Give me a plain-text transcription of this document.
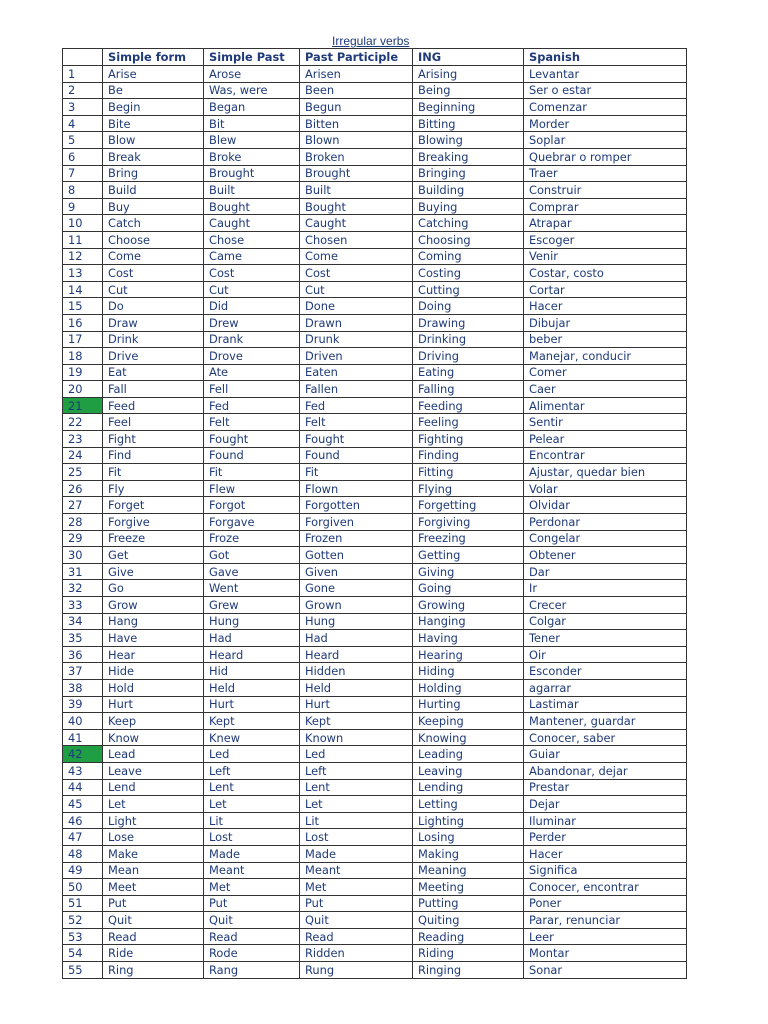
Irregular verbs
	Simple form	Simple Past	Past Participle	ING	Spanish
1	Arise	Arose	Arisen	Arising	Levantar
2	Be	Was, were	Been	Being	Ser o estar
3	Begin	Began	Begun	Beginning	Comenzar
4	Bite	Bit	Bitten	Bitting	Morder
5	Blow	Blew	Blown	Blowing	Soplar
6	Break	Broke	Broken	Breaking	Quebrar o romper
7	Bring	Brought	Brought	Bringing	Traer
8	Build	Built	Built	Building	Construir
9	Buy	Bought	Bought	Buying	Comprar
10	Catch	Caught	Caught	Catching	Atrapar
11	Choose	Chose	Chosen	Choosing	Escoger
12	Come	Came	Come	Coming	Venir
13	Cost	Cost	Cost	Costing	Costar, costo
14	Cut	Cut	Cut	Cutting	Cortar
15	Do	Did	Done	Doing	Hacer
16	Draw	Drew	Drawn	Drawing	Dibujar
17	Drink	Drank	Drunk	Drinking	beber
18	Drive	Drove	Driven	Driving	Manejar, conducir
19	Eat	Ate	Eaten	Eating	Comer
20	Fall	Fell	Fallen	Falling	Caer
21	Feed	Fed	Fed	Feeding	Alimentar
22	Feel	Felt	Felt	Feeling	Sentir
23	Fight	Fought	Fought	Fighting	Pelear
24	Find	Found	Found	Finding	Encontrar
25	Fit	Fit	Fit	Fitting	Ajustar, quedar bien
26	Fly	Flew	Flown	Flying	Volar
27	Forget	Forgot	Forgotten	Forgetting	Olvidar
28	Forgive	Forgave	Forgiven	Forgiving	Perdonar
29	Freeze	Froze	Frozen	Freezing	Congelar
30	Get	Got	Gotten	Getting	Obtener
31	Give	Gave	Given	Giving	Dar
32	Go	Went	Gone	Going	Ir
33	Grow	Grew	Grown	Growing	Crecer
34	Hang	Hung	Hung	Hanging	Colgar
35	Have	Had	Had	Having	Tener
36	Hear	Heard	Heard	Hearing	Oir
37	Hide	Hid	Hidden	Hiding	Esconder
38	Hold	Held	Held	Holding	agarrar
39	Hurt	Hurt	Hurt	Hurting	Lastimar
40	Keep	Kept	Kept	Keeping	Mantener, guardar
41	Know	Knew	Known	Knowing	Conocer, saber
42	Lead	Led	Led	Leading	Guiar
43	Leave	Left	Left	Leaving	Abandonar, dejar
44	Lend	Lent	Lent	Lending	Prestar
45	Let	Let	Let	Letting	Dejar
46	Light	Lit	Lit	Lighting	Iluminar
47	Lose	Lost	Lost	Losing	Perder
48	Make	Made	Made	Making	Hacer
49	Mean	Meant	Meant	Meaning	Significa
50	Meet	Met	Met	Meeting	Conocer, encontrar
51	Put	Put	Put	Putting	Poner
52	Quit	Quit	Quit	Quiting	Parar, renunciar
53	Read	Read	Read	Reading	Leer
54	Ride	Rode	Ridden	Riding	Montar
55	Ring	Rang	Rung	Ringing	Sonar
